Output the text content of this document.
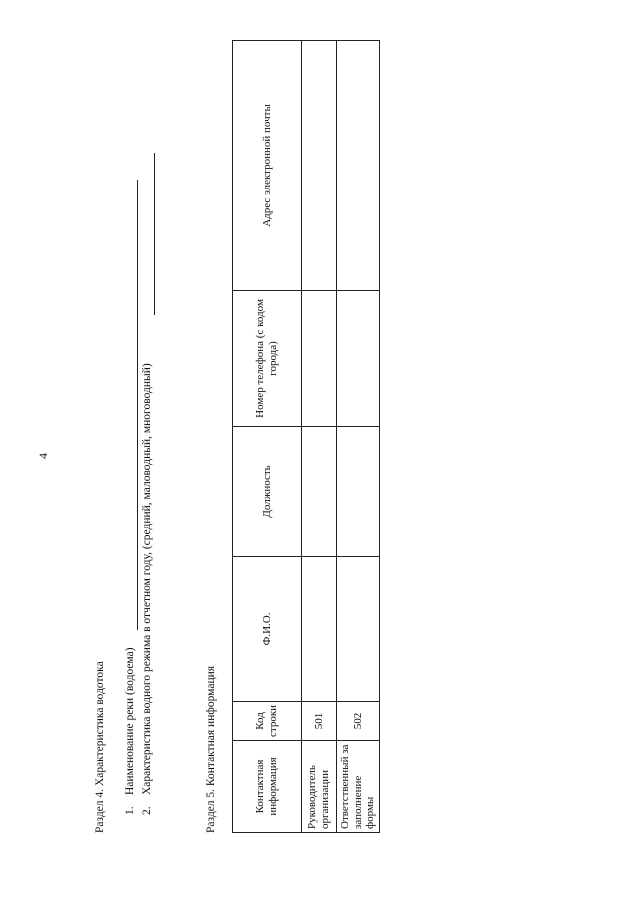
4
Раздел 4. Характеристика водотока 1.Наименование реки (водоема)
2.Характеристика водного режима в отчетном году, (средний, маловодный, многоводный)	Раздел 5. Контактная информация	Контактная информация	Код строки	Ф.И.О.	Должность	Номер телефона (с кодом города)	Адрес электронной почты
Руководитель организации	501				
Ответственный за заполнение формы	502				
